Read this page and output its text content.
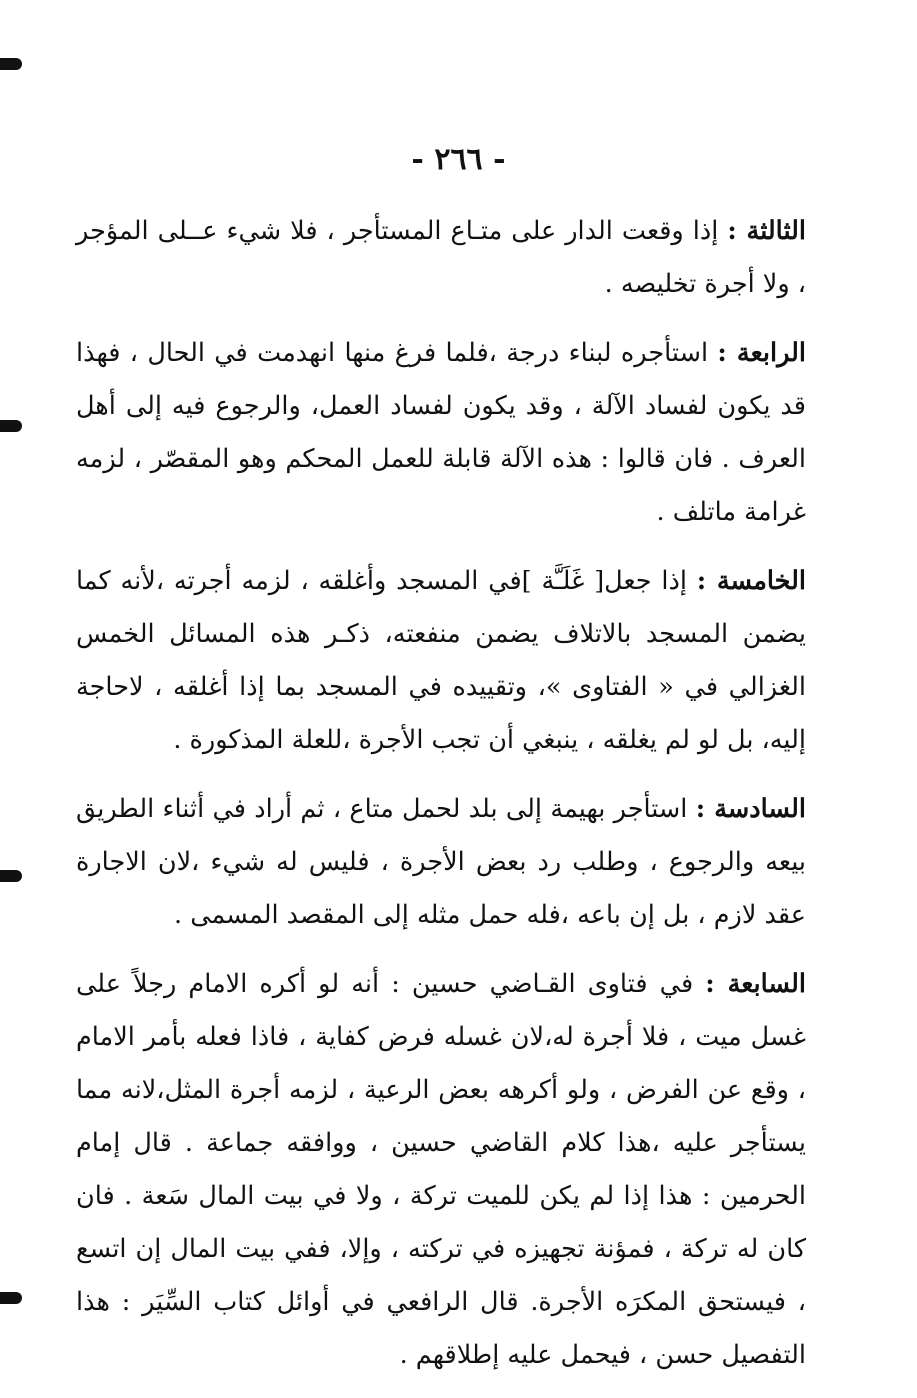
- ٢٦٦ -

الثالثة : إذا وقعت الدار على متـاع المستأجر ، فلا شيء عــلى المؤجر ، ولا أجرة تخليصه .

الرابعة : استأجره لبناء درجة ،فلما فرغ منها انهدمت في الحال ، فهذا قد يكون لفساد الآلة ، وقد يكون لفساد العمل، والرجوع فيه إلى أهل العرف . فان قالوا : هذه الآلة قابلة للعمل المحكم وهو المقصّر ، لزمه غرامة ماتلف .

الخامسة : إذا جعل[ غَلَـَّة ]في المسجد وأغلقه ، لزمه أجرته ،لأنه كما يضمن المسجد بالاتلاف يضمن منفعته، ذكـر هذه المسائل الخمس الغزالي في « الفتاوى »، وتقييده في المسجد بما إذا أغلقه ، لاحاجة إليه، بل لو لم يغلقه ، ينبغي أن تجب الأجرة ،للعلة المذكورة .

السادسة : استأجر بهيمة إلى بلد لحمل متاع ، ثم أراد في أثناء الطريق بيعه والرجوع ، وطلب رد بعض الأجرة ، فليس له شيء ،لان الاجارة عقد لازم ، بل إن باعه ،فله حمل مثله إلى المقصد المسمى .

السابعة : في فتاوى القـاضي حسين : أنه لو أكره الامام رجلاً على غسل ميت ، فلا أجرة له،لان غسله فرض كفاية ، فاذا فعله بأمر الامام ، وقع عن الفرض ، ولو أكرهه بعض الرعية ، لزمه أجرة المثل،لانه مما يستأجر عليه ،هذا كلام القاضي حسين ، ووافقه جماعة . قال إمام الحرمين : هذا إذا لم يكن للميت تركة ، ولا في بيت المال سَعة . فان كان له تركة ، فمؤنة تجهيزه في تركته ، وإلا، ففي بيت المال إن اتسع ، فيستحق المكرَه الأجرة. قال الرافعي في أوائل كتاب السِّيَر : هذا التفصيل حسن ، فيحمل عليه إطلاقهم .
